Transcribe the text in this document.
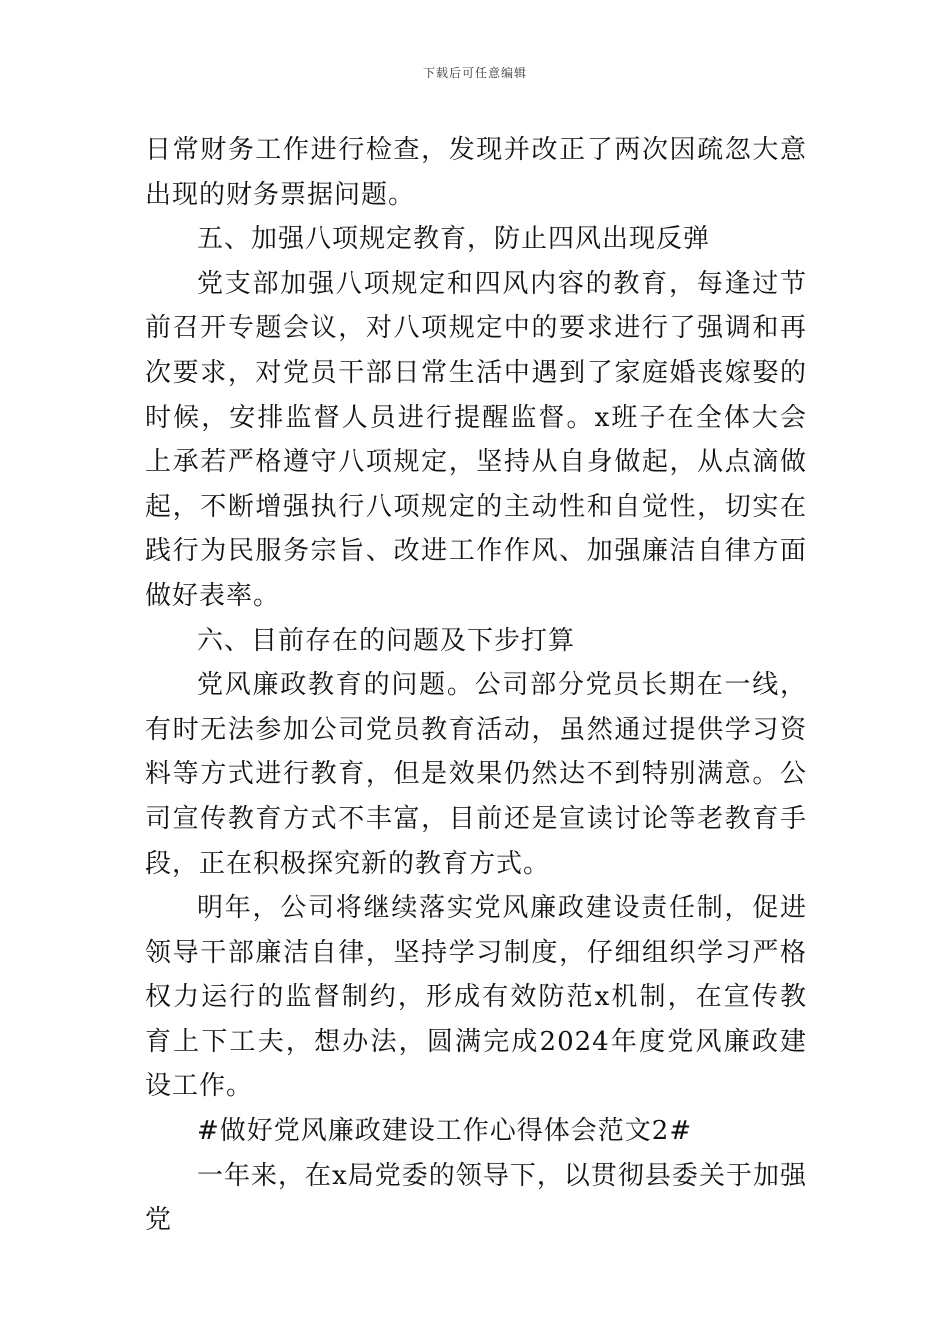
下载后可任意编辑

日常财务工作进行检查，发现并改正了两次因疏忽大意出现的财务票据问题。

五、加强八项规定教育，防止四风出现反弹

党支部加强八项规定和四风内容的教育，每逢过节前召开专题会议，对八项规定中的要求进行了强调和再次要求，对党员干部日常生活中遇到了家庭婚丧嫁娶的时候，安排监督人员进行提醒监督。x班子在全体大会上承若严格遵守八项规定，坚持从自身做起，从点滴做起，不断增强执行八项规定的主动性和自觉性，切实在践行为民服务宗旨、改进工作作风、加强廉洁自律方面做好表率。

六、目前存在的问题及下步打算

党风廉政教育的问题。公司部分党员长期在一线，有时无法参加公司党员教育活动，虽然通过提供学习资料等方式进行教育，但是效果仍然达不到特别满意。公司宣传教育方式不丰富，目前还是宣读讨论等老教育手段，正在积极探究新的教育方式。

明年，公司将继续落实党风廉政建设责任制，促进领导干部廉洁自律，坚持学习制度，仔细组织学习严格权力运行的监督制约，形成有效防范x机制，在宣传教育上下工夫，想办法，圆满完成2024年度党风廉政建设工作。

#做好党风廉政建设工作心得体会范文2#

一年来，在x局党委的领导下，以贯彻县委关于加强党
